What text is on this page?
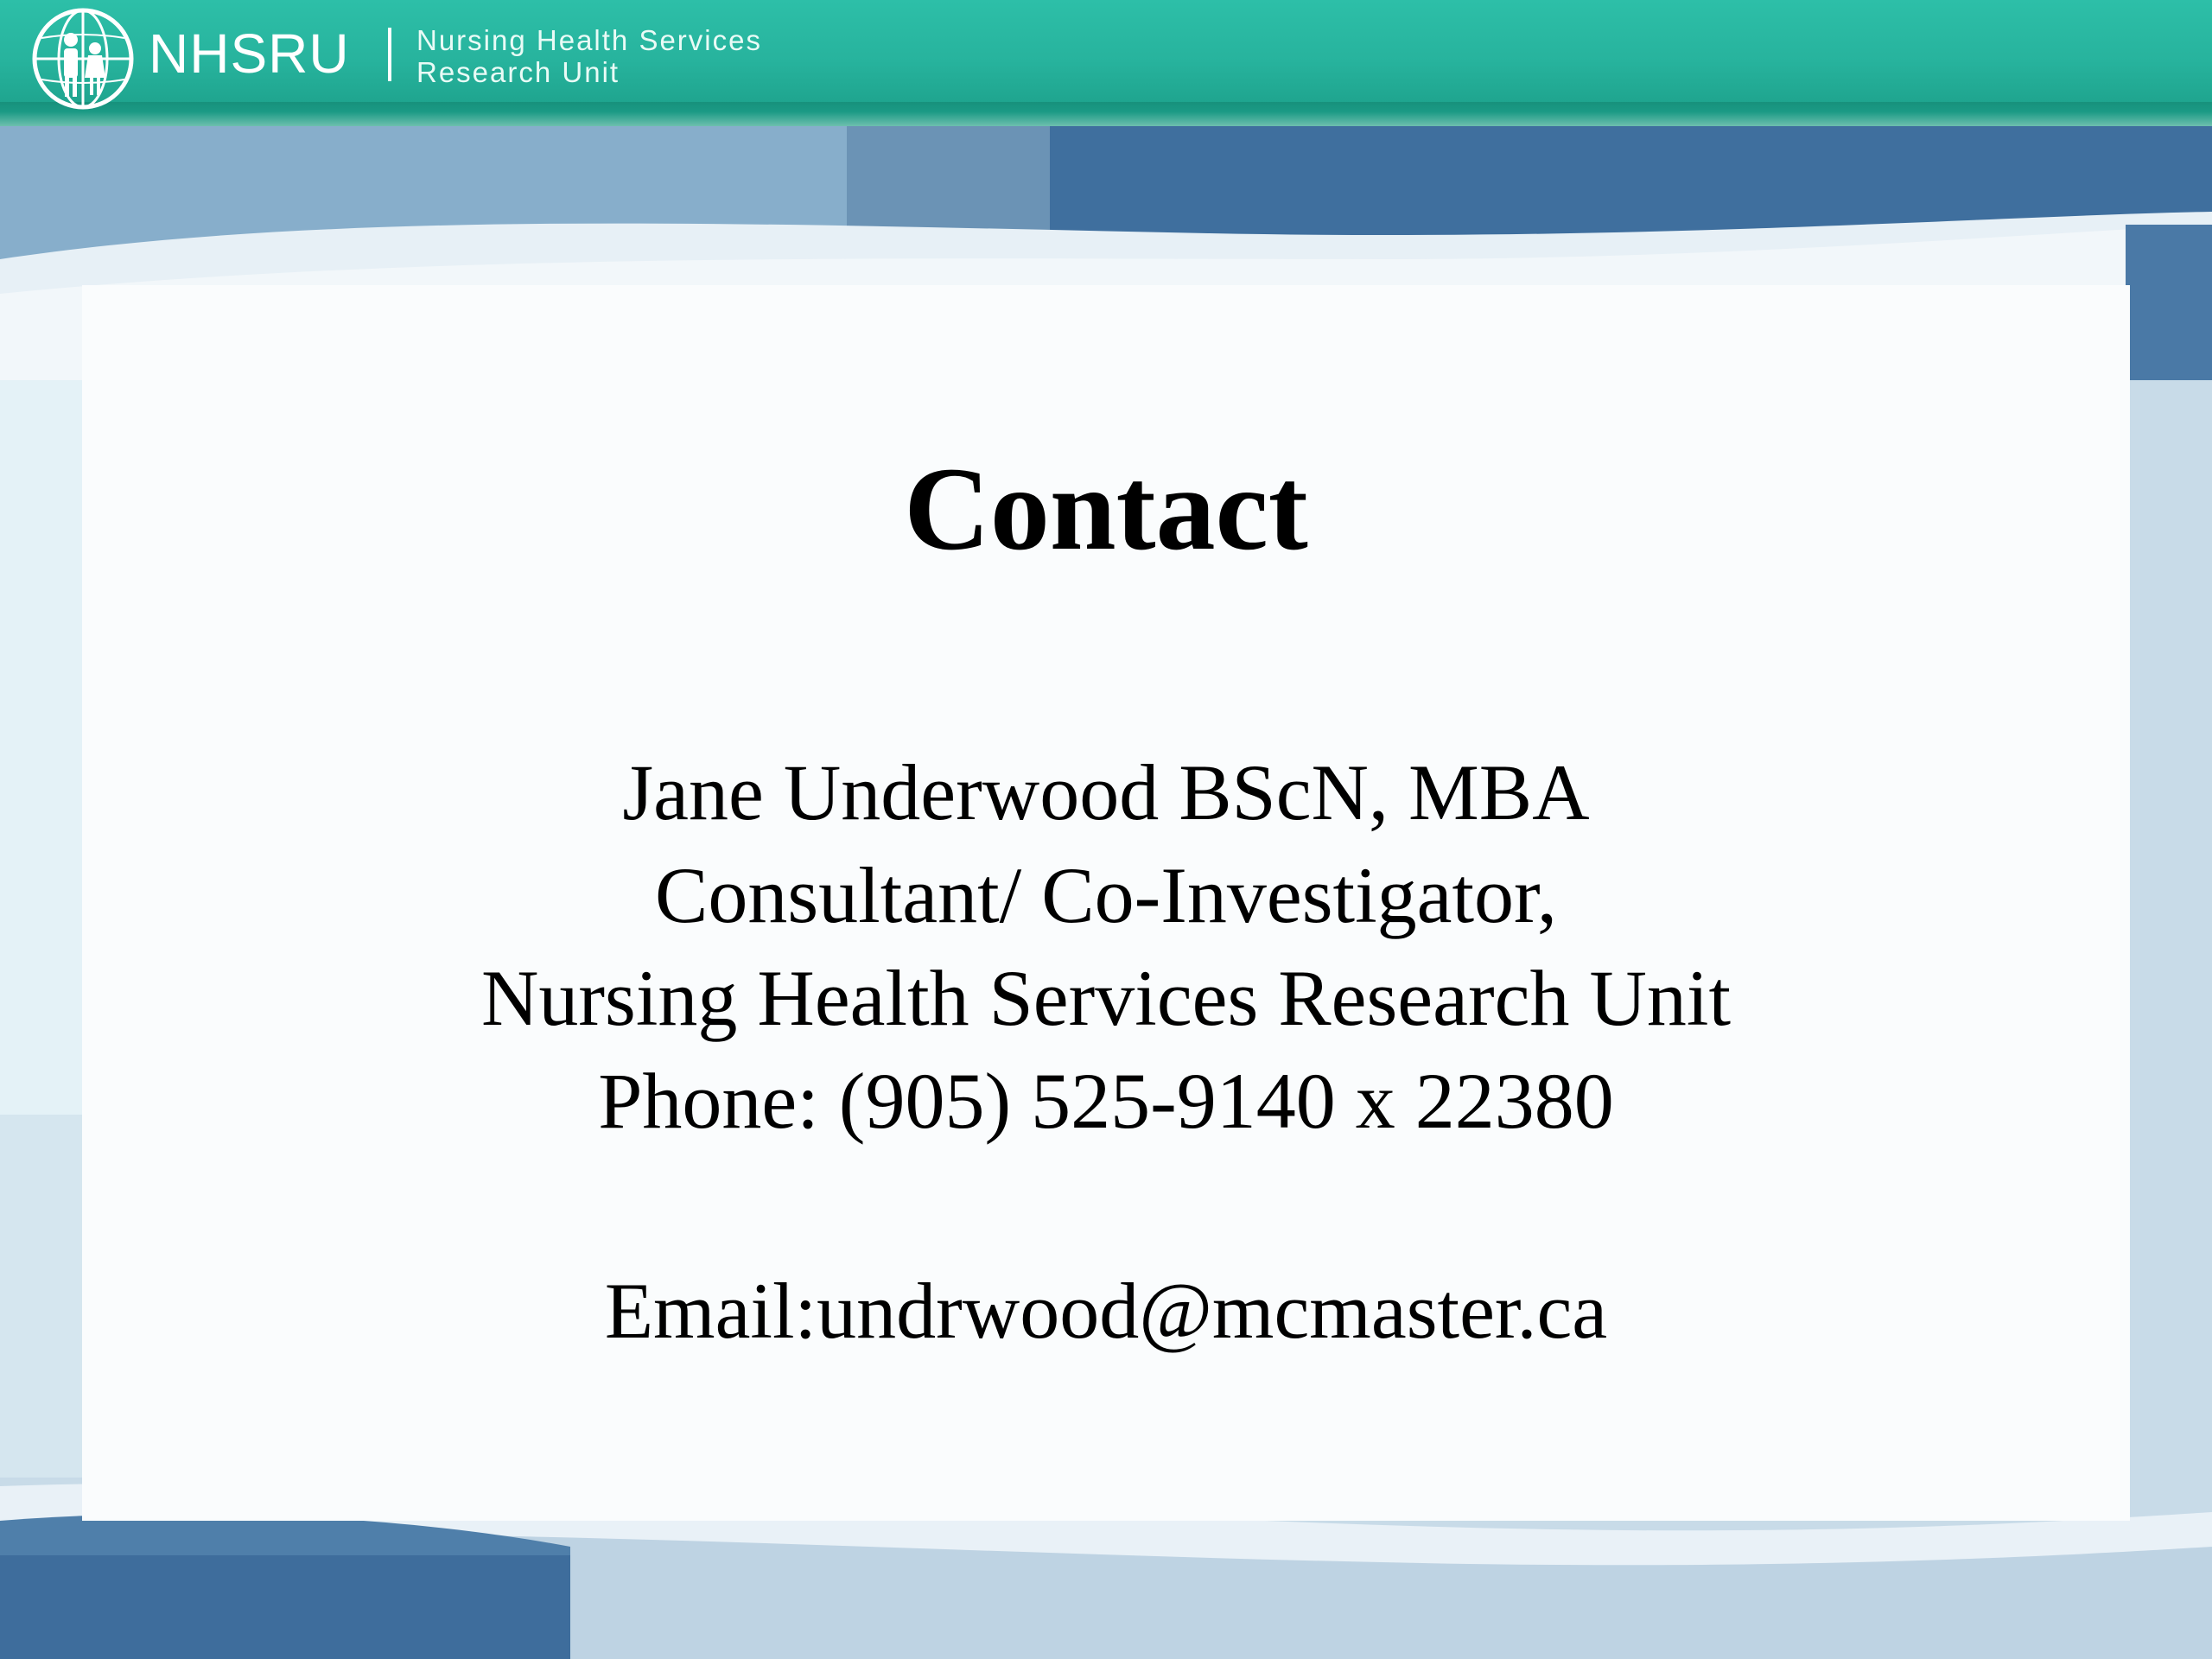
NHSRU Nursing Health Services
Research Unit
Contact
Jane Underwood BScN, MBA
Consultant/ Co-Investigator,
Nursing Health Services Research Unit
Phone: (905) 525-9140 x 22380
Email:undrwood@mcmaster.ca
